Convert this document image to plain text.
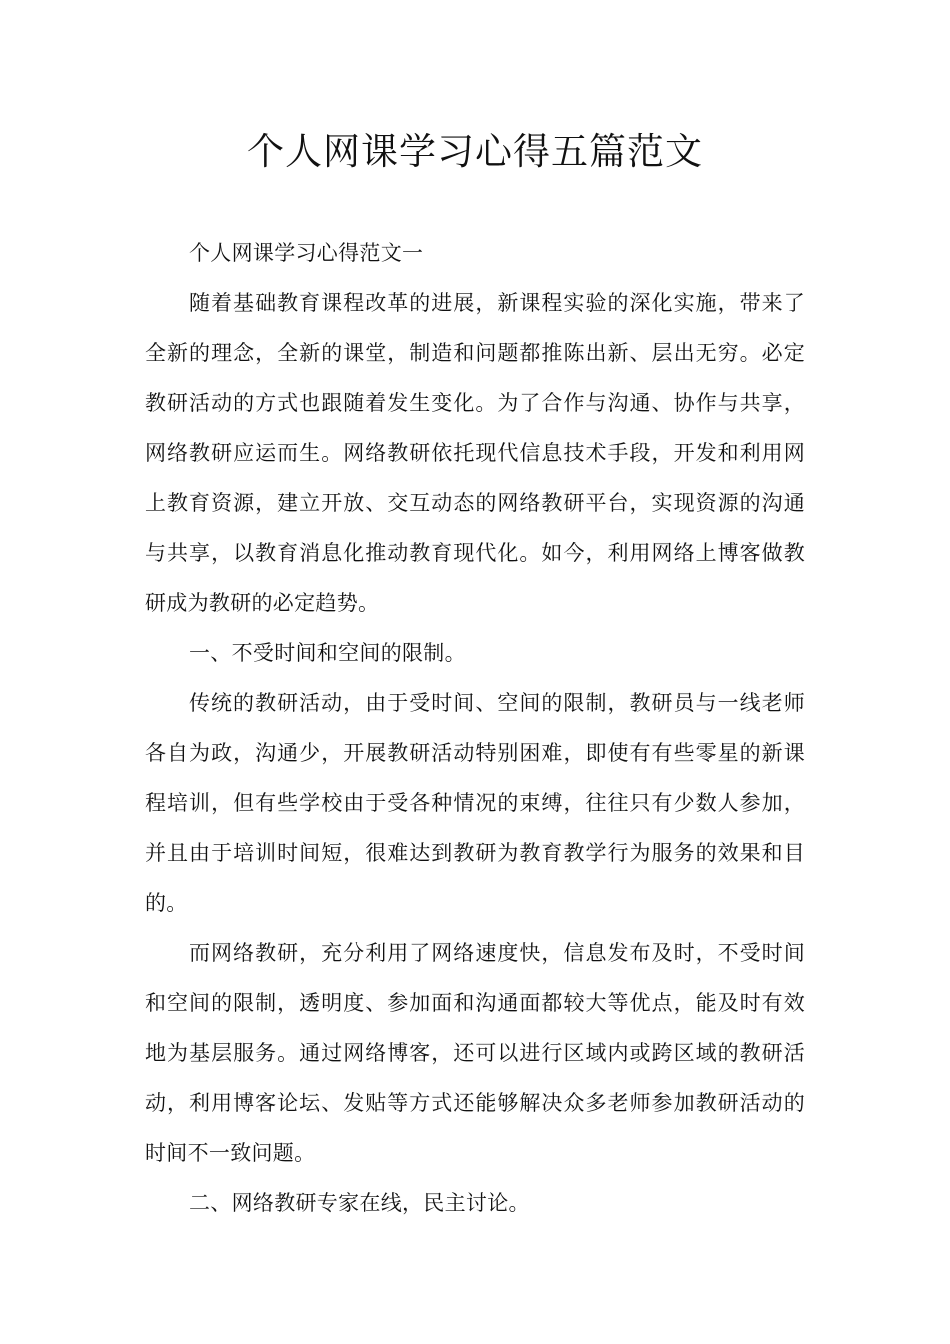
个人网课学习心得五篇范文

个人网课学习心得范文一

随着基础教育课程改革的进展，新课程实验的深化实施，带来了全新的理念，全新的课堂，制造和问题都推陈出新、层出无穷。必定教研活动的方式也跟随着发生变化。为了合作与沟通、协作与共享，网络教研应运而生。网络教研依托现代信息技术手段，开发和利用网上教育资源，建立开放、交互动态的网络教研平台，实现资源的沟通与共享，以教育消息化推动教育现代化。如今，利用网络上博客做教研成为教研的必定趋势。

一、不受时间和空间的限制。

传统的教研活动，由于受时间、空间的限制，教研员与一线老师各自为政，沟通少，开展教研活动特别困难，即使有有些零星的新课程培训，但有些学校由于受各种情况的束缚，往往只有少数人参加，并且由于培训时间短，很难达到教研为教育教学行为服务的效果和目的。

而网络教研，充分利用了网络速度快，信息发布及时，不受时间和空间的限制，透明度、参加面和沟通面都较大等优点，能及时有效地为基层服务。通过网络博客，还可以进行区域内或跨区域的教研活动，利用博客论坛、发贴等方式还能够解决众多老师参加教研活动的时间不一致问题。

二、网络教研专家在线，民主讨论。
